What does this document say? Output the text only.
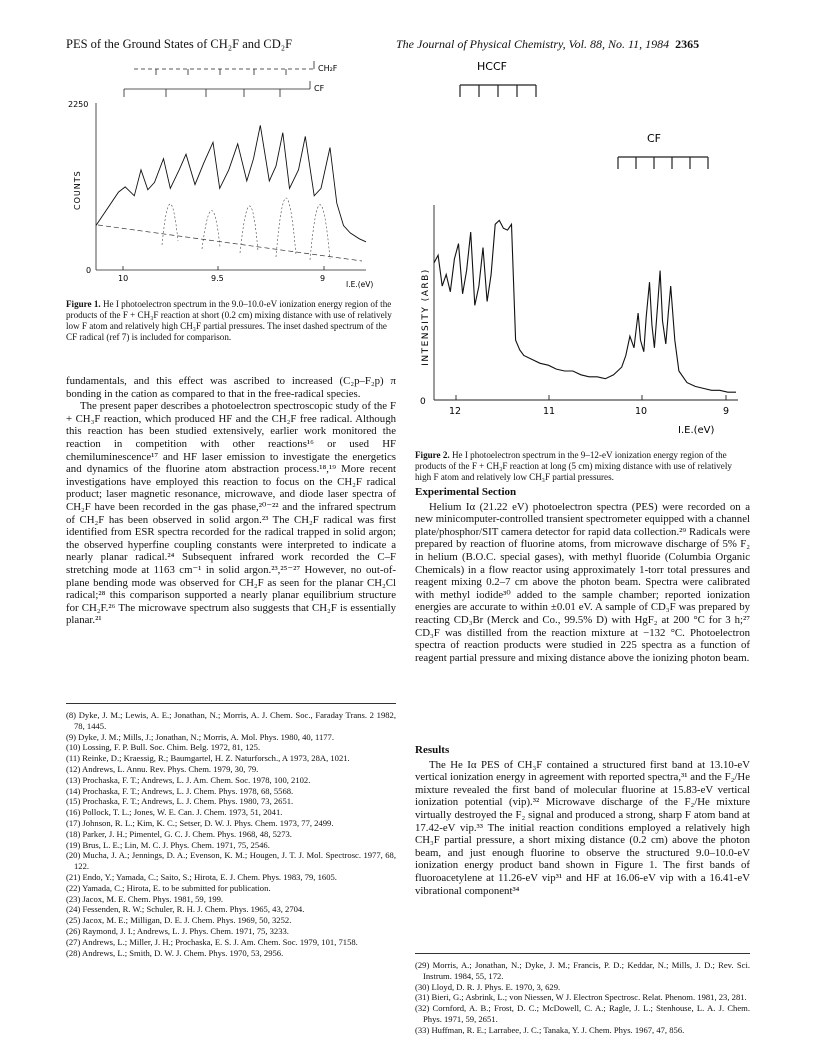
PES of the Ground States of CH₂F and CD₂F	The Journal of Physical Chemistry, Vol. 88, No. 11, 1984 2365
CH₂F
CF
2250
0
COUNTS
10	9.5	9
I.E.(eV)
Figure 1. He I photoelectron spectrum in the 9.0–10.0-eV ionization energy region of the products of the F + CH₃F reaction at short (0.2 cm) mixing distance with use of relatively low F atom and relatively high CH₃F partial pressures. The inset dashed spectrum of the CF radical (ref 7) is included for comparison.

fundamentals, and this effect was ascribed to increased (C₂p–F₂p) π bonding in the cation as compared to that in the free-radical species.

The present paper describes a photoelectron spectroscopic study of the F + CH₃F reaction, which produced HF and the CH₂F free radical. Although this reaction has been studied extensively, earlier work monitored the reaction in competition with other reactions¹⁶ or used HF chemiluminescence¹⁷ and HF laser emission to investigate the energetics and dynamics of the fluorine atom abstraction process.¹⁸,¹⁹ More recent investigations have employed this reaction to focus on the CH₂F radical product; laser magnetic resonance, microwave, and diode laser spectra of CH₂F have been recorded in the gas phase,²⁰⁻²² and the infrared spectrum of CH₂F has been observed in solid argon.²³ The CH₂F radical was first identified from ESR spectra recorded for the radical trapped in solid argon; the observed hyperfine coupling constants were interpreted to indicate a nearly planar radical.²⁴ Subsequent infrared work recorded the C–F stretching mode at 1163 cm⁻¹ in solid argon.²³,²⁵⁻²⁷ However, no out-of-plane bending mode was observed for CH₂F as seen for the planar CH₂Cl radical;²⁸ this comparison supported a nearly planar equilibrium structure for CH₂F.²⁶ The microwave spectrum also suggests that CH₂F is essentially planar.²¹

(8) Dyke, J. M.; Lewis, A. E.; Jonathan, N.; Morris, A. J. Chem. Soc., Faraday Trans. 2 1982, 78, 1445.
(9) Dyke, J. M.; Mills, J.; Jonathan, N.; Morris, A. Mol. Phys. 1980, 40, 1177.
(10) Lossing, F. P. Bull. Soc. Chim. Belg. 1972, 81, 125.
(11) Reinke, D.; Kraessig, R.; Baumgartel, H. Z. Naturforsch., A 1973, 28A, 1021.
(12) Andrews, L. Annu. Rev. Phys. Chem. 1979, 30, 79.
(13) Prochaska, F. T.; Andrews, L. J. Am. Chem. Soc. 1978, 100, 2102.
(14) Prochaska, F. T.; Andrews, L. J. Chem. Phys. 1978, 68, 5568.
(15) Prochaska, F. T.; Andrews, L. J. Chem. Phys. 1980, 73, 2651.
(16) Pollock, T. L.; Jones, W. E. Can. J. Chem. 1973, 51, 2041.
(17) Johnson, R. L.; Kim, K. C.; Setser, D. W. J. Phys. Chem. 1973, 77, 2499.
(18) Parker, J. H.; Pimentel, G. C. J. Chem. Phys. 1968, 48, 5273.
(19) Brus, L. E.; Lin, M. C. J. Phys. Chem. 1971, 75, 2546.
(20) Mucha, J. A.; Jennings, D. A.; Evenson, K. M.; Hougen, J. T. J. Mol. Spectrosc. 1977, 68, 122.
(21) Endo, Y.; Yamada, C.; Saito, S.; Hirota, E. J. Chem. Phys. 1983, 79, 1605.
(22) Yamada, C.; Hirota, E. to be submitted for publication.
(23) Jacox, M. E. Chem. Phys. 1981, 59, 199.
(24) Fessenden, R. W.; Schuler, R. H. J. Chem. Phys. 1965, 43, 2704.
(25) Jacox, M. E.; Milligan, D. E. J. Chem. Phys. 1969, 50, 3252.
(26) Raymond, J. I.; Andrews, L. J. Phys. Chem. 1971, 75, 3233.
(27) Andrews, L.; Miller, J. H.; Prochaska, E. S. J. Am. Chem. Soc. 1979, 101, 7158.
(28) Andrews, L.; Smith, D. W. J. Chem. Phys. 1970, 53, 2956.
HCCF
CF
0
INTENSITY (ARB)
12	11	10	9
I.E.(eV)
Figure 2. He I photoelectron spectrum in the 9–12-eV ionization energy region of the products of the F + CH₃F reaction at long (5 cm) mixing distance with use of relatively high F atom and relatively low CH₃F partial pressures.
Experimental Section

Helium Iα (21.22 eV) photoelectron spectra (PES) were recorded on a new minicomputer-controlled transient spectrometer equipped with a channel plate/phosphor/SIT camera detector for rapid data collection.²⁹ Radicals were prepared by reaction of fluorine atoms, from microwave discharge of 5% F₂ in helium (B.O.C. special gases), with methyl fluoride (Columbia Organic Chemicals) in a flow reactor using approximately 1-torr total pressures and reagent mixing 0.2–7 cm above the photon beam. Spectra were calibrated with methyl iodide³⁰ added to the sample chamber; reported ionization energies are accurate to within ±0.01 eV. A sample of CD₃F was prepared by reacting CD₃Br (Merck and Co., 99.5% D) with HgF₂ at 200 °C for 3 h;²⁷ CD₃F was distilled from the reaction mixture at −132 °C. Photoelectron spectra of reaction products were studied in 225 spectra as a function of reagent partial pressure and mixing distance above the ionizing photon beam.

Results

The He Iα PES of CH₃F contained a structured first band at 13.10-eV vertical ionization energy in agreement with reported spectra,³¹ and the F₂/He mixture revealed the first band of molecular fluorine at 15.83-eV vertical ionization potential (vip).³² Microwave discharge of the F₂/He mixture virtually destroyed the F₂ signal and produced a strong, sharp F atom band at 17.42-eV vip.³³ The initial reaction conditions employed a relatively high CH₃F partial pressure, a short mixing distance (0.2 cm) above the photon beam, and just enough fluorine to observe the structured 9.0–10.0-eV ionization energy product band shown in Figure 1. The first bands of fluoroacetylene at 11.26-eV vip³¹ and HF at 16.06-eV vip with a 16.41-eV vibrational component³⁴

(29) Morris, A.; Jonathan, N.; Dyke, J. M.; Francis, P. D.; Keddar, N.; Mills, J. D.; Rev. Sci. Instrum. 1984, 55, 172.
(30) Lloyd, D. R. J. Phys. E. 1970, 3, 629.
(31) Bieri, G.; Asbrink, L.; von Niessen, W J. Electron Spectrosc. Relat. Phenom. 1981, 23, 281.
(32) Cornford, A. B.; Frost, D. C.; McDowell, C. A.; Ragle, J. L.; Stenhouse, L. A. J. Chem. Phys. 1971, 59, 2651.
(33) Huffman, R. E.; Larrabee, J. C.; Tanaka, Y. J. Chem. Phys. 1967, 47, 856.
